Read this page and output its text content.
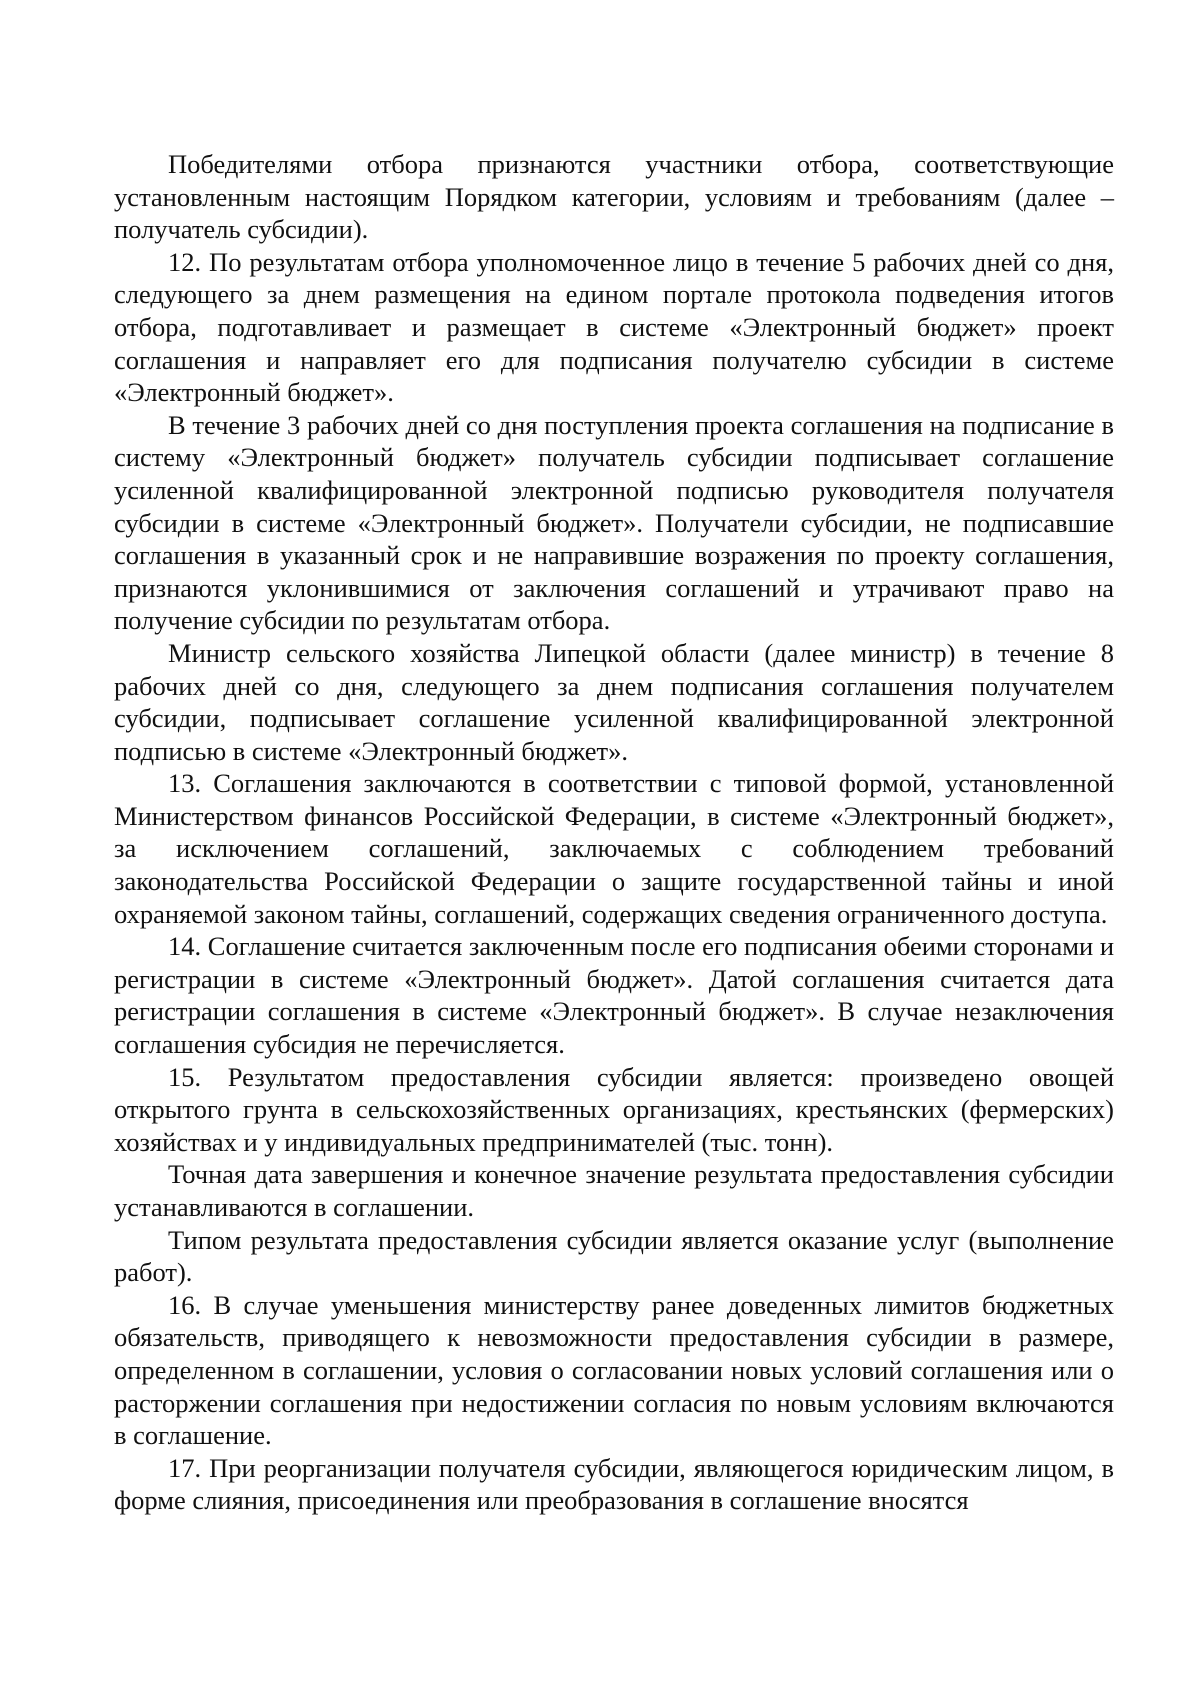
Победителями отбора признаются участники отбора, соответствующие установленным настоящим Порядком категории, условиям и требованиям (далее – получатель субсидии).

12. По результатам отбора уполномоченное лицо в течение 5 рабочих дней со дня, следующего за днем размещения на едином портале протокола подведения итогов отбора, подготавливает и размещает в системе «Электронный бюджет» проект соглашения и направляет его для подписания получателю субсидии в системе «Электронный бюджет».

В течение 3 рабочих дней со дня поступления проекта соглашения на подписание в систему «Электронный бюджет» получатель субсидии подписывает соглашение усиленной квалифицированной электронной подписью руководителя получателя субсидии в системе «Электронный бюджет». Получатели субсидии, не подписавшие соглашения в указанный срок и не направившие возражения по проекту соглашения, признаются уклонившимися от заключения соглашений и утрачивают право на получение субсидии по результатам отбора.

Министр сельского хозяйства Липецкой области (далее министр) в течение 8 рабочих дней со дня, следующего за днем подписания соглашения получателем субсидии, подписывает соглашение усиленной квалифицированной электронной подписью в системе «Электронный бюджет».

13. Соглашения заключаются в соответствии с типовой формой, установленной Министерством финансов Российской Федерации, в системе «Электронный бюджет», за исключением соглашений, заключаемых с соблюдением требований законодательства Российской Федерации о защите государственной тайны и иной охраняемой законом тайны, соглашений, содержащих сведения ограниченного доступа.

14. Соглашение считается заключенным после его подписания обеими сторонами и регистрации в системе «Электронный бюджет». Датой соглашения считается дата регистрации соглашения в системе «Электронный бюджет». В случае незаключения соглашения субсидия не перечисляется.

15. Результатом предоставления субсидии является: произведено овощей открытого грунта в сельскохозяйственных организациях, крестьянских (фермерских) хозяйствах и у индивидуальных предпринимателей (тыс. тонн).

Точная дата завершения и конечное значение результата предоставления субсидии устанавливаются в соглашении.

Типом результата предоставления субсидии является оказание услуг (выполнение работ).

16. В случае уменьшения министерству ранее доведенных лимитов бюджетных обязательств, приводящего к невозможности предоставления субсидии в размере, определенном в соглашении, условия о согласовании новых условий соглашения или о расторжении соглашения при недостижении согласия по новым условиям включаются в соглашение.

17. При реорганизации получателя субсидии, являющегося юридическим лицом, в форме слияния, присоединения или преобразования в соглашение вносятся
